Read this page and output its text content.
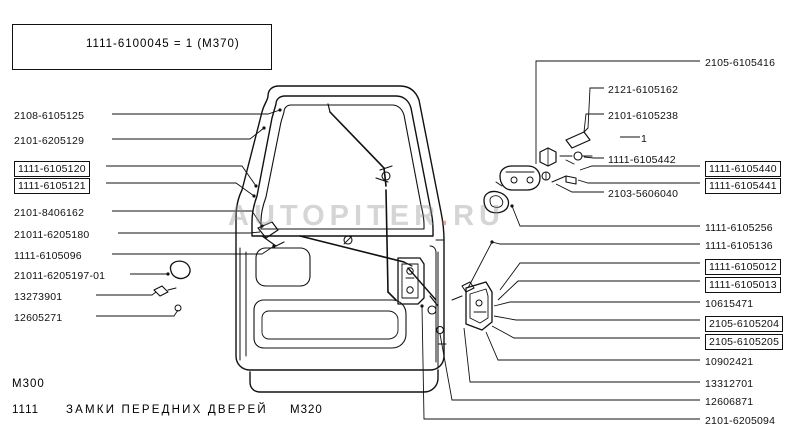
1111-6100045 = 1 (M370)
AUTOPITER.RU
M300
1111 ЗАМКИ ПЕРЕДНИХ ДВЕРЕЙ M320
2108-6105125
2101-6205129
1111-6105120
1111-6105121
2101-8406162
21011-6205180
1111-6105096
21011-6205197-01
13273901
12605271
2105-6105416
2121-6105162
2101-6105238
1
1111-6105442
1111-6105440
1111-6105441
2103-5606040
1111-6105256
1111-6105136
1111-6105012
1111-6105013
10615471
2105-6105204
2105-6105205
10902421
13312701
12606871
2101-6205094
